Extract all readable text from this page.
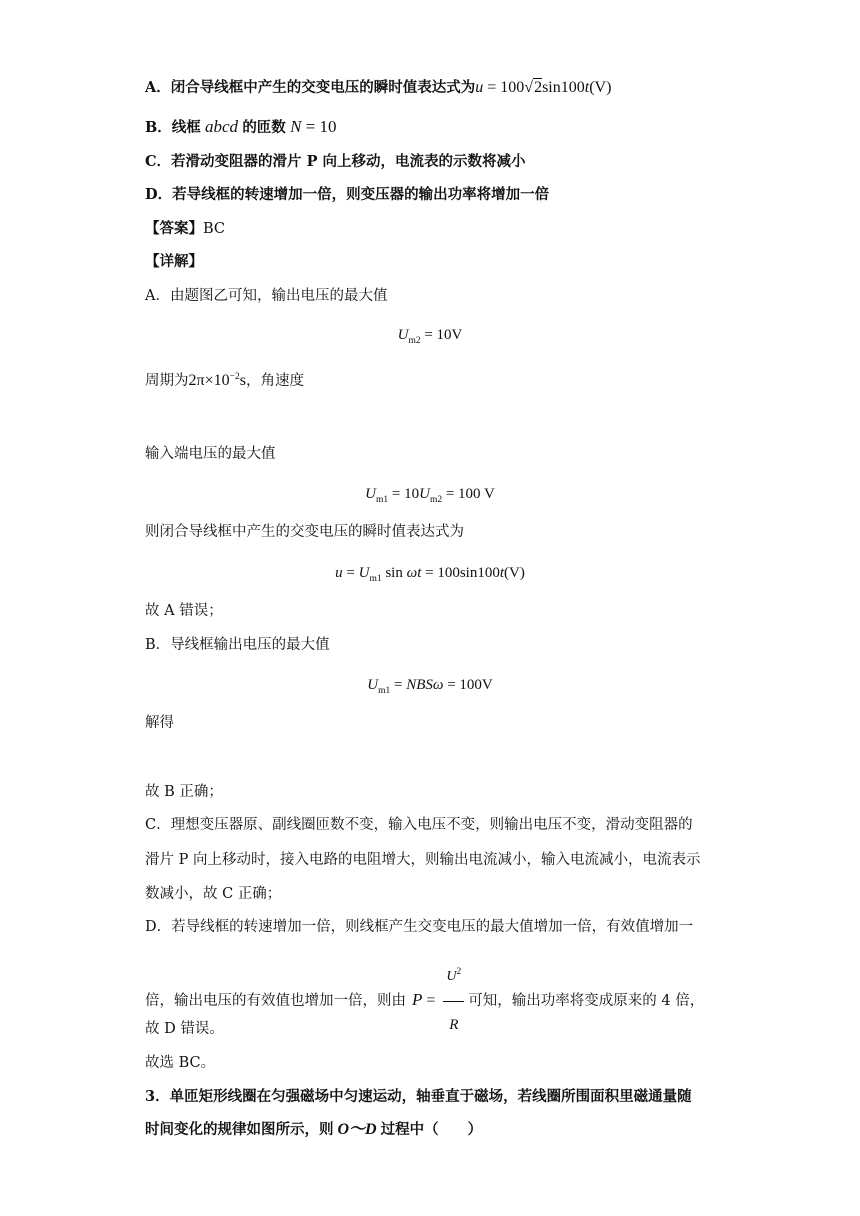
A．闭合导线框中产生的交变电压的瞬时值表达式为u = 100√2sin100t(V)
B．线框 abcd 的匝数 N = 10
C．若滑动变阻器的滑片 P 向上移动，电流表的示数将减小
D．若导线框的转速增加一倍，则变压器的输出功率将增加一倍
【答案】BC
【详解】
A．由题图乙可知，输出电压的最大值
$U_{m2} = 10V$
周期为$2\pi\times 10^{-2}s$，角速度
输入端电压的最大值
$U_{m1} = 10U_{m2} = 100$ V
则闭合导线框中产生的交变电压的瞬时值表达式为
$u = U_{m1}$ sin ωt = 100sin100t(V)
故 A 错误；
B．导线框输出电压的最大值
$U_{m1} = NBS\omega = 100V$
解得
故 B 正确；
C．理想变压器原、副线圈匝数不变，输入电压不变，则输出电压不变，滑动变阻器的
滑片 P 向上移动时，接入电路的电阻增大，则输出电流减小，输入电流减小，电流表示
数减小，故 C 正确；
D．若导线框的转速增加一倍，则线框产生交变电压的最大值增加一倍，有效值增加一
倍，输出电压的有效值也增加一倍，则由 $P = \frac{U^2}{R}$ 可知，输出功率将变成原来的 4 倍，
故 D 错误。
故选 BC。
3．单匝矩形线圈在匀强磁场中匀速运动，轴垂直于磁场，若线圈所围面积里磁通量随
时间变化的规律如图所示，则 O～D 过程中（　　）
